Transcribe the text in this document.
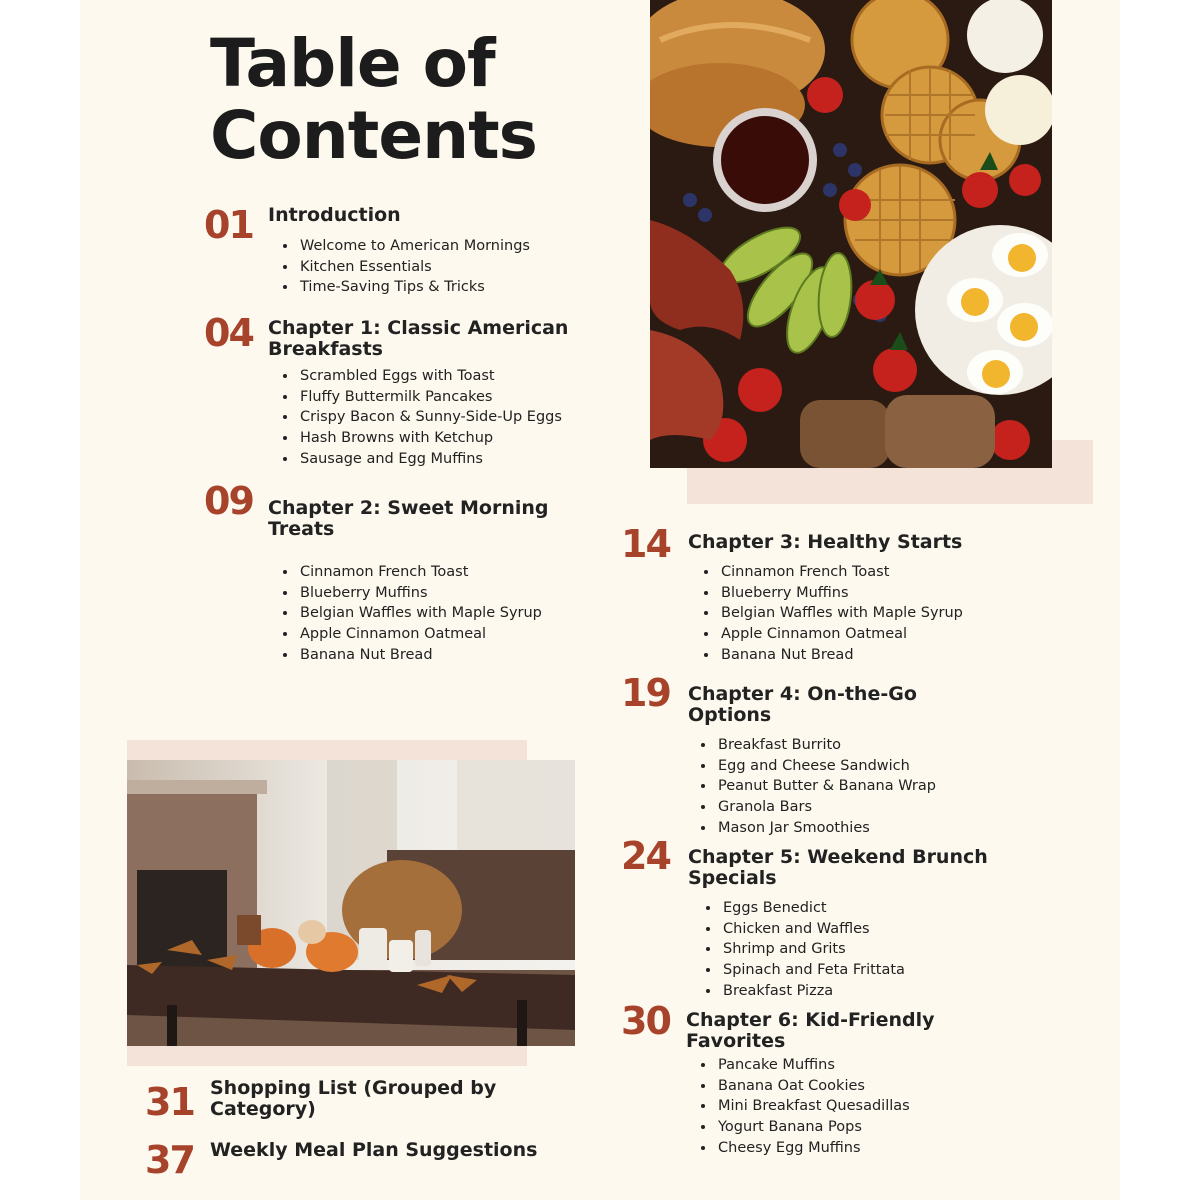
Table of
Contents
01 Introduction
• Welcome to American Mornings
• Kitchen Essentials
• Time-Saving Tips & Tricks
04 Chapter 1: Classic American Breakfasts
• Scrambled Eggs with Toast
• Fluffy Buttermilk Pancakes
• Crispy Bacon & Sunny-Side-Up Eggs
• Hash Browns with Ketchup
• Sausage and Egg Muffins
09 Chapter 2: Sweet Morning Treats
• Cinnamon French Toast
• Blueberry Muffins
• Belgian Waffles with Maple Syrup
• Apple Cinnamon Oatmeal
• Banana Nut Bread
14 Chapter 3: Healthy Starts
• Cinnamon French Toast
• Blueberry Muffins
• Belgian Waffles with Maple Syrup
• Apple Cinnamon Oatmeal
• Banana Nut Bread
19 Chapter 4: On-the-Go Options
• Breakfast Burrito
• Egg and Cheese Sandwich
• Peanut Butter & Banana Wrap
• Granola Bars
• Mason Jar Smoothies
24 Chapter 5: Weekend Brunch Specials
• Eggs Benedict
• Chicken and Waffles
• Shrimp and Grits
• Spinach and Feta Frittata
• Breakfast Pizza
30 Chapter 6: Kid-Friendly Favorites
• Pancake Muffins
• Banana Oat Cookies
• Mini Breakfast Quesadillas
• Yogurt Banana Pops
• Cheesy Egg Muffins
31 Shopping List (Grouped by Category)
37 Weekly Meal Plan Suggestions
